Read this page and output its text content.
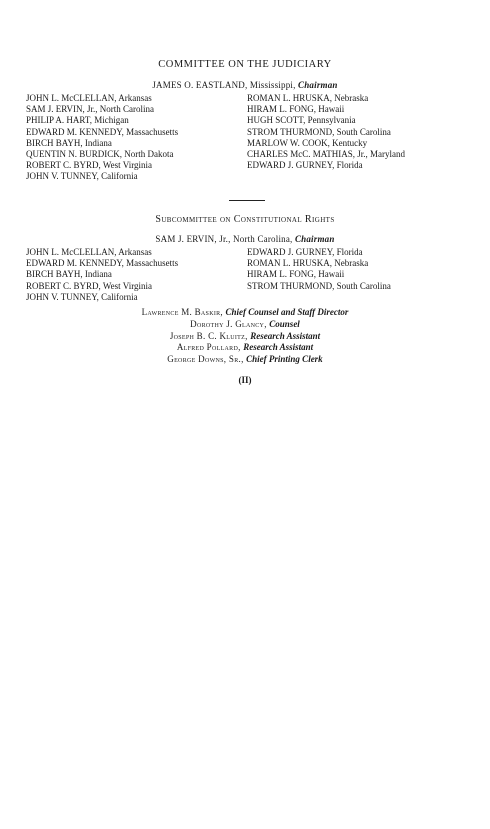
COMMITTEE ON THE JUDICIARY
JAMES O. EASTLAND, Mississippi, Chairman
JOHN L. McCLELLAN, Arkansas
SAM J. ERVIN, Jr., North Carolina
PHILIP A. HART, Michigan
EDWARD M. KENNEDY, Massachusetts
BIRCH BAYH, Indiana
QUENTIN N. BURDICK, North Dakota
ROBERT C. BYRD, West Virginia
JOHN V. TUNNEY, California
ROMAN L. HRUSKA, Nebraska
HIRAM L. FONG, Hawaii
HUGH SCOTT, Pennsylvania
STROM THURMOND, South Carolina
MARLOW W. COOK, Kentucky
CHARLES McC. MATHIAS, Jr., Maryland
EDWARD J. GURNEY, Florida
Subcommittee on Constitutional Rights
SAM J. ERVIN, Jr., North Carolina, Chairman
JOHN L. McCLELLAN, Arkansas
EDWARD M. KENNEDY, Massachusetts
BIRCH BAYH, Indiana
ROBERT C. BYRD, West Virginia
JOHN V. TUNNEY, California
EDWARD J. GURNEY, Florida
ROMAN L. HRUSKA, Nebraska
HIRAM L. FONG, Hawaii
STROM THURMOND, South Carolina
Lawrence M. Baskir, Chief Counsel and Staff Director
Dorothy J. Glancy, Counsel
Joseph B. C. Kluitz, Research Assistant
Alfred Pollard, Research Assistant
George Downs, Sr., Chief Printing Clerk
(II)
